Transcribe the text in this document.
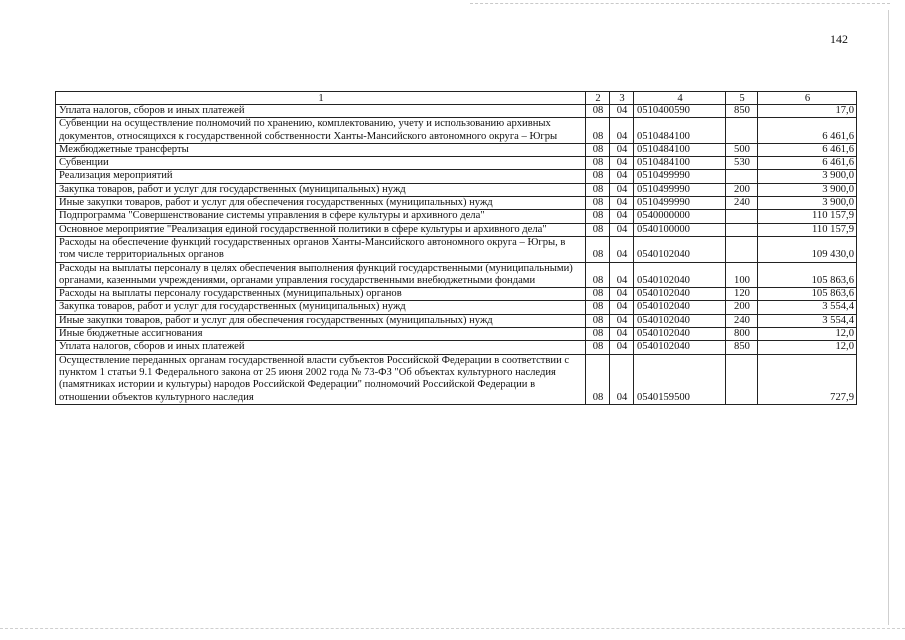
142
1	2	3	4	5	6
Уплата налогов, сборов и иных платежей	08	04	0510400590	850	17,0
Субвенции на осуществление полномочий по хранению, комплектованию, учету и использованию архивных документов, относящихся к государственной собственности Ханты-Мансийского автономного округа – Югры	08	04	0510484100		6 461,6
Межбюджетные трансферты	08	04	0510484100	500	6 461,6
Субвенции	08	04	0510484100	530	6 461,6
Реализация мероприятий	08	04	0510499990		3 900,0
Закупка товаров, работ и услуг для государственных (муниципальных) нужд	08	04	0510499990	200	3 900,0
Иные закупки товаров, работ и услуг для обеспечения государственных (муниципальных) нужд	08	04	0510499990	240	3 900,0
Подпрограмма "Совершенствование системы управления в сфере культуры и архивного дела"	08	04	0540000000		110 157,9
Основное мероприятие "Реализация единой государственной политики в сфере культуры и архивного дела"	08	04	0540100000		110 157,9
Расходы на обеспечение функций государственных органов Ханты-Мансийского автономного округа – Югры, в том числе территориальных органов	08	04	0540102040		109 430,0
Расходы на выплаты персоналу в целях обеспечения выполнения функций государственными (муниципальными) органами, казенными учреждениями, органами управления государственными внебюджетными фондами	08	04	0540102040	100	105 863,6
Расходы на выплаты персоналу государственных (муниципальных) органов	08	04	0540102040	120	105 863,6
Закупка товаров, работ и услуг для государственных (муниципальных) нужд	08	04	0540102040	200	3 554,4
Иные закупки товаров, работ и услуг для обеспечения государственных (муниципальных) нужд	08	04	0540102040	240	3 554,4
Иные бюджетные ассигнования	08	04	0540102040	800	12,0
Уплата налогов, сборов и иных платежей	08	04	0540102040	850	12,0
Осуществление переданных органам государственной власти субъектов Российской Федерации в соответствии с пунктом 1 статьи 9.1 Федерального закона от 25 июня 2002 года № 73-ФЗ "Об объектах культурного наследия (памятниках истории и культуры) народов Российской Федерации" полномочий Российской Федерации в отношении объектов культурного наследия	08	04	0540159500		727,9
